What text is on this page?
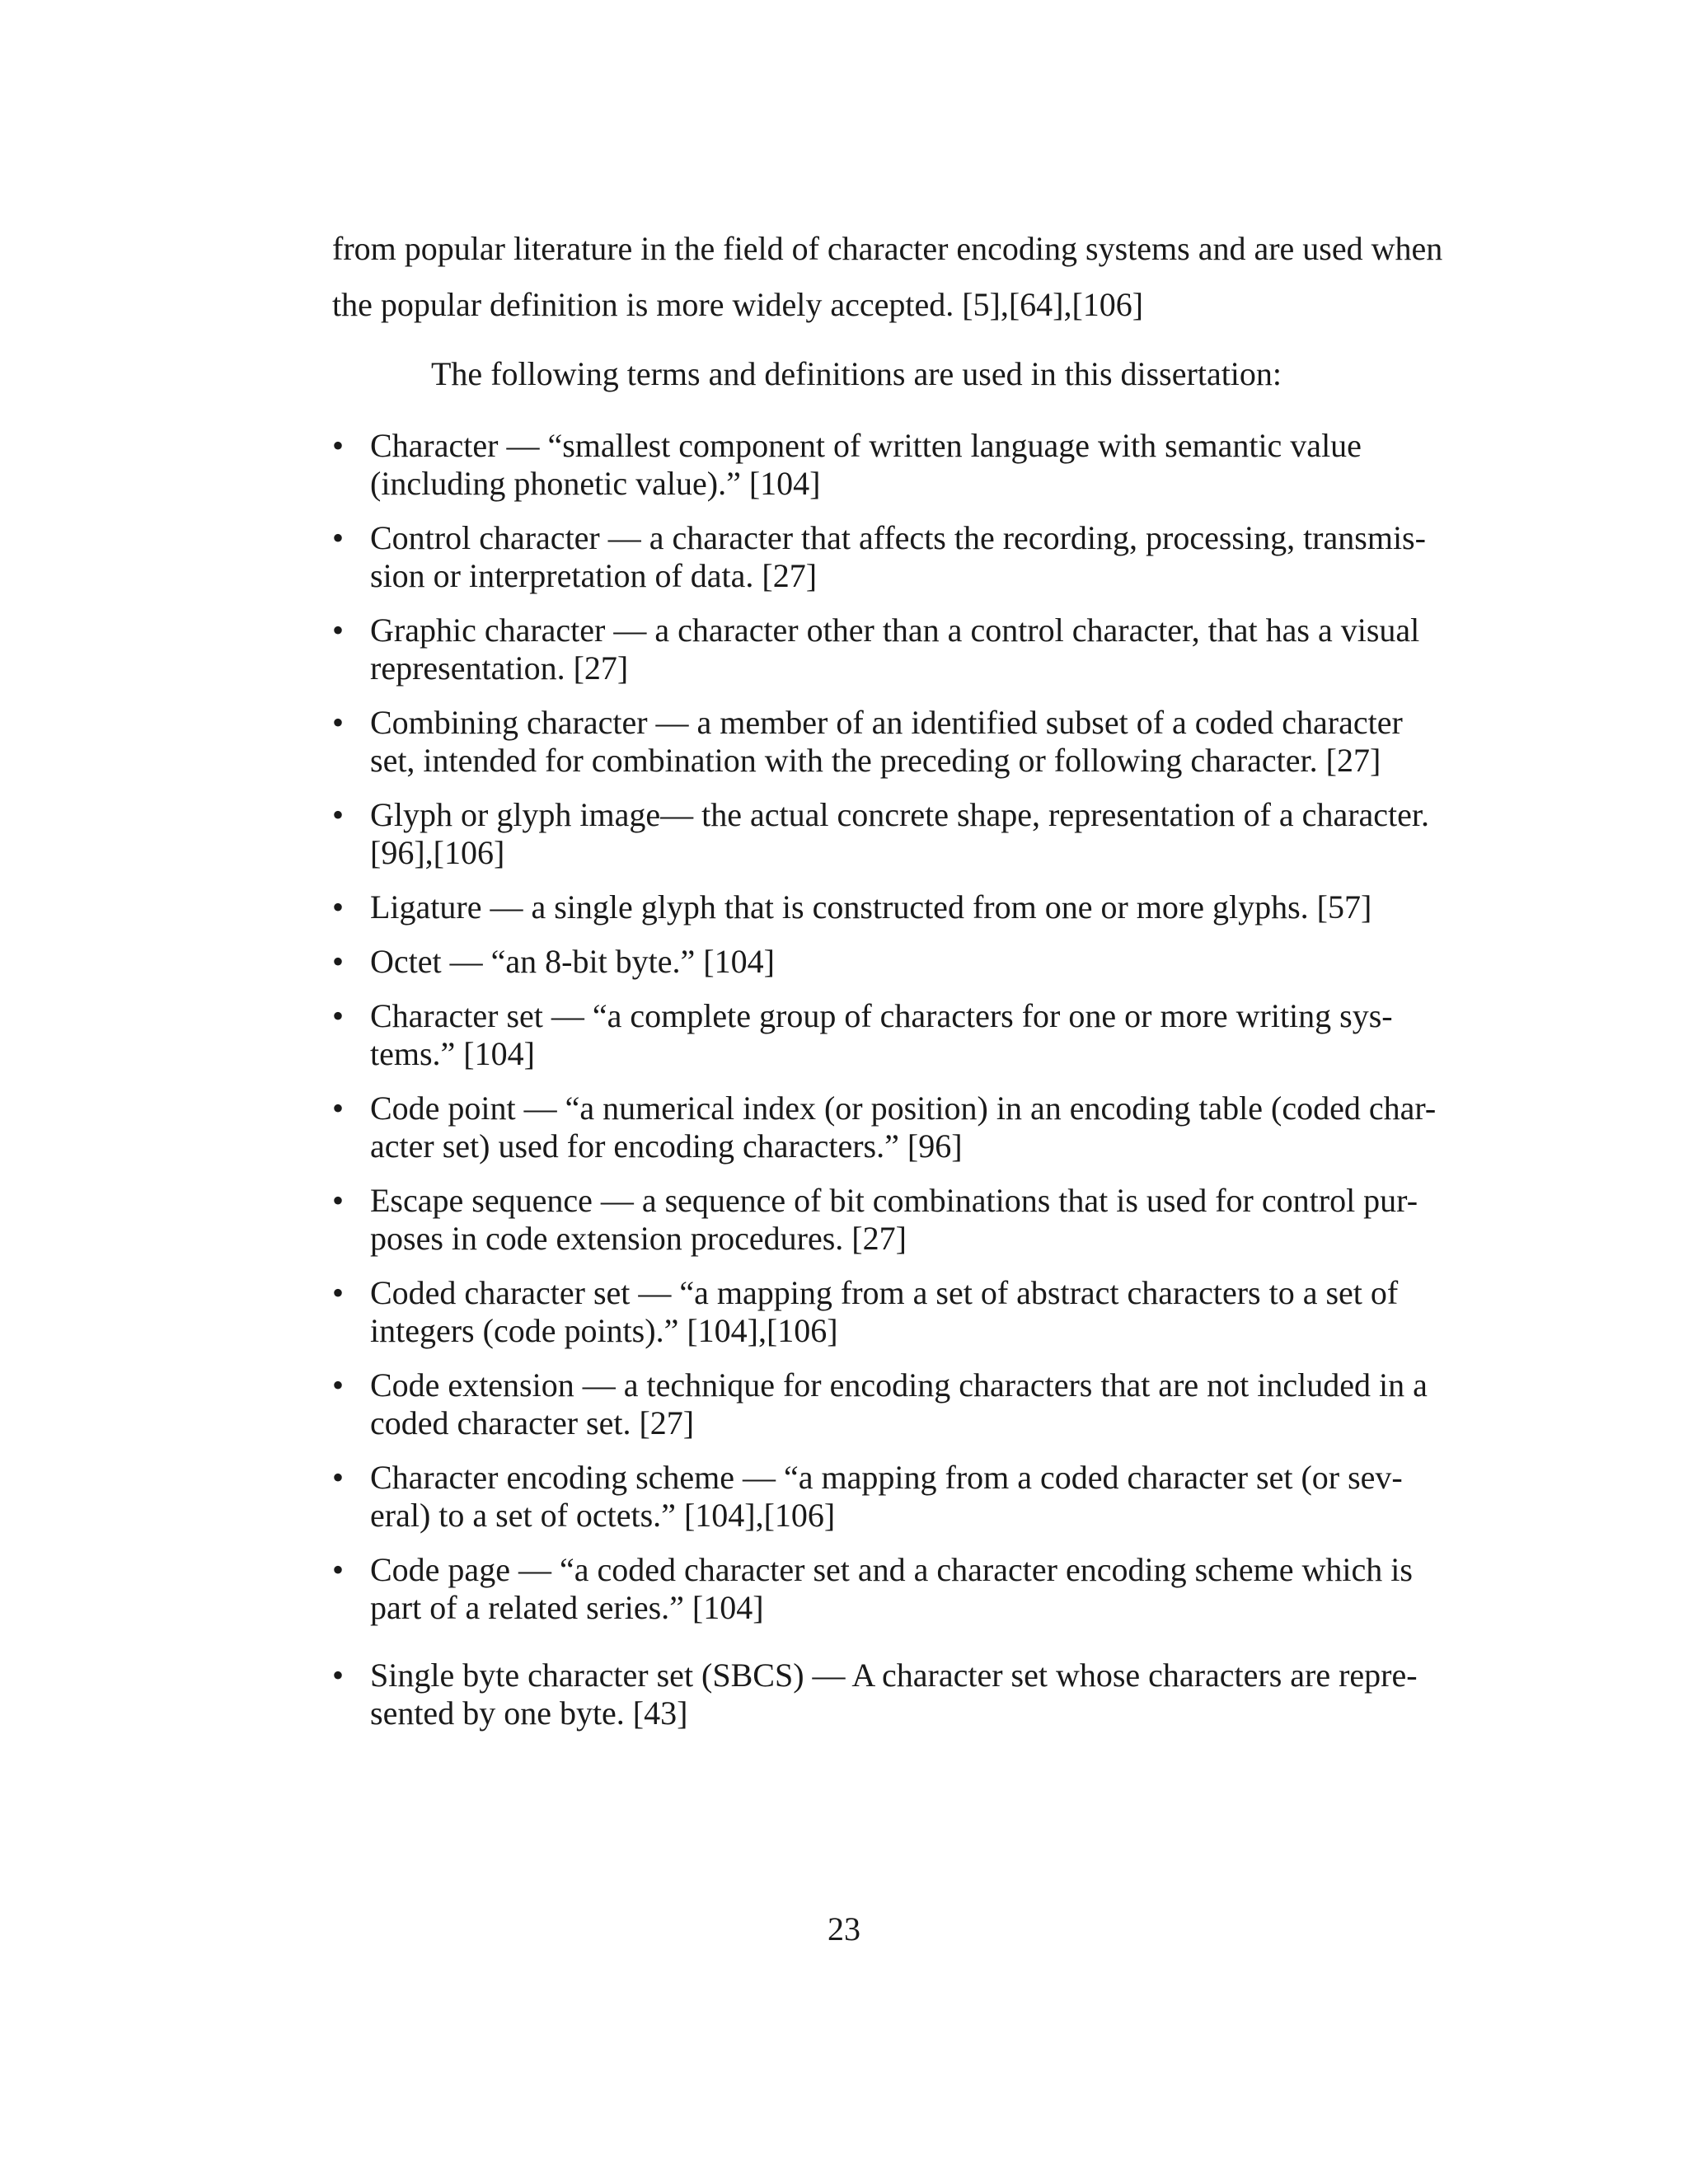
from popular literature in the field of character encoding systems and are used when

the popular definition is more widely accepted. [5],[64],[106]

The following terms and definitions are used in this dissertation:

• Character — “smallest component of written language with semantic value
(including phonetic value).” [104]
• Control character — a character that affects the recording, processing, transmis-
sion or interpretation of data. [27]
• Graphic character — a character other than a control character, that has a visual
representation. [27]
• Combining character — a member of an identified subset of a coded character
set, intended for combination with the preceding or following character. [27]
• Glyph or glyph image— the actual concrete shape, representation of a character.
[96],[106]
• Ligature — a single glyph that is constructed from one or more glyphs. [57]
• Octet — “an 8-bit byte.” [104]
• Character set — “a complete group of characters for one or more writing sys-
tems.” [104]
• Code point — “a numerical index (or position) in an encoding table (coded char-
acter set) used for encoding characters.” [96]
• Escape sequence — a sequence of bit combinations that is used for control pur-
poses in code extension procedures. [27]
• Coded character set — “a mapping from a set of abstract characters to a set of
integers (code points).” [104],[106]
• Code extension — a technique for encoding characters that are not included in a
coded character set. [27]
• Character encoding scheme — “a mapping from a coded character set (or sev-
eral) to a set of octets.” [104],[106]
• Code page — “a coded character set and a character encoding scheme which is
part of a related series.” [104]
• Single byte character set (SBCS) — A character set whose characters are repre-
sented by one byte. [43]

23
